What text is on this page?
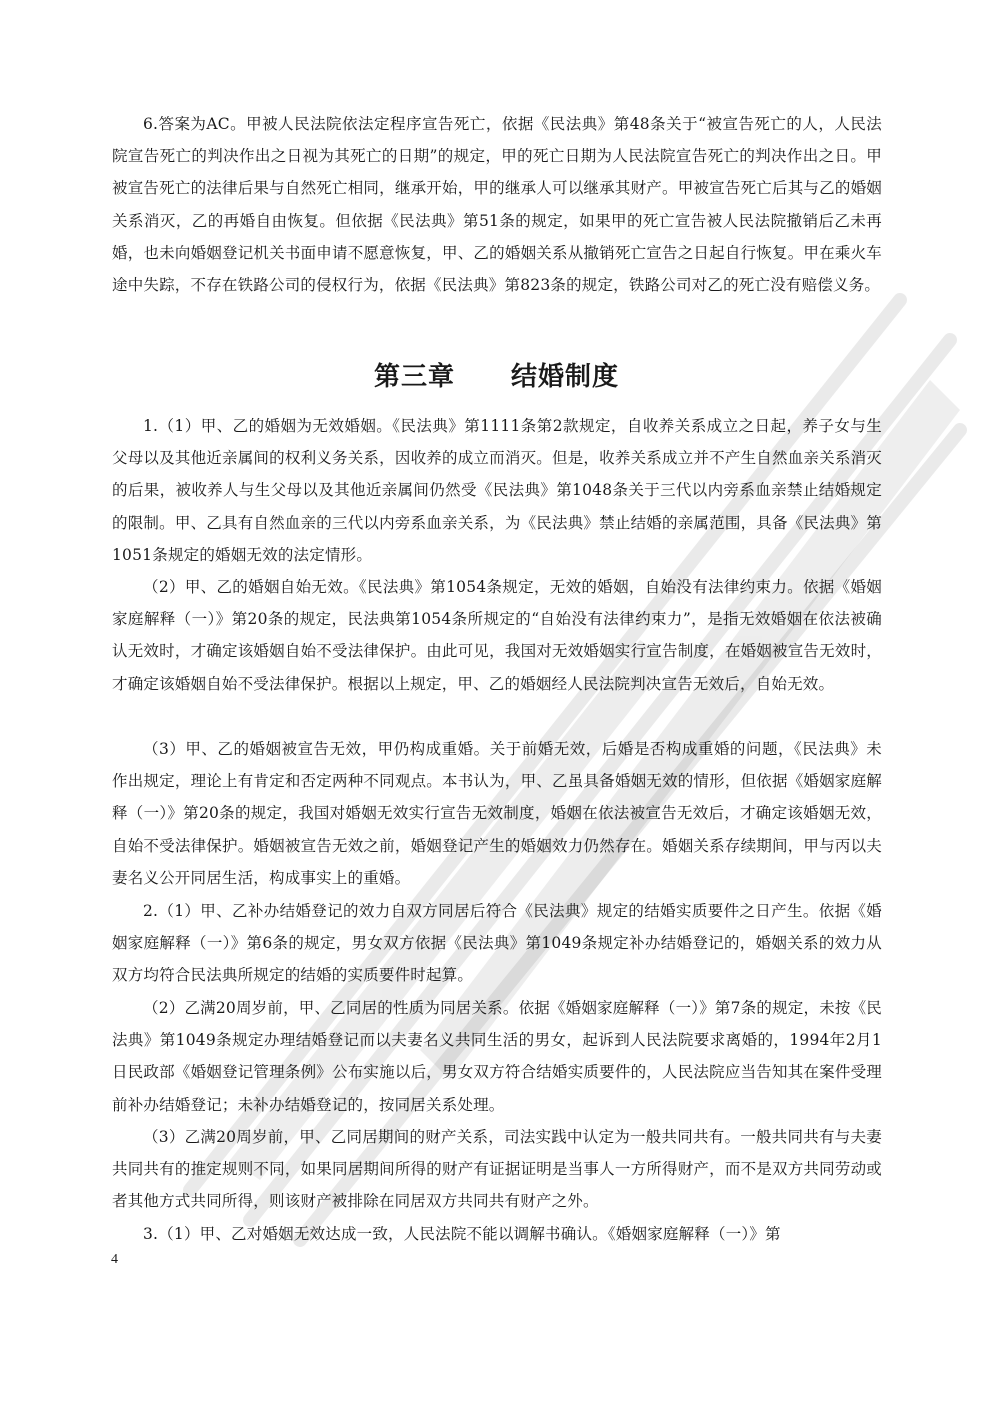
6.答案为AC。甲被人民法院依法定程序宣告死亡，依据《民法典》第48条关于“被宣告死亡的人，人民法院宣告死亡的判决作出之日视为其死亡的日期”的规定，甲的死亡日期为人民法院宣告死亡的判决作出之日。甲被宣告死亡的法律后果与自然死亡相同，继承开始，甲的继承人可以继承其财产。甲被宣告死亡后其与乙的婚姻关系消灭，乙的再婚自由恢复。但依据《民法典》第51条的规定，如果甲的死亡宣告被人民法院撤销后乙未再婚，也未向婚姻登记机关书面申请不愿意恢复，甲、乙的婚姻关系从撤销死亡宣告之日起自行恢复。甲在乘火车途中失踪，不存在铁路公司的侵权行为，依据《民法典》第823条的规定，铁路公司对乙的死亡没有赔偿义务。

第三章 结婚制度

1.（1）甲、乙的婚姻为无效婚姻。《民法典》第1111条第2款规定，自收养关系成立之日起，养子女与生父母以及其他近亲属间的权利义务关系，因收养的成立而消灭。但是，收养关系成立并不产生自然血亲关系消灭的后果，被收养人与生父母以及其他近亲属间仍然受《民法典》第1048条关于三代以内旁系血亲禁止结婚规定的限制。甲、乙具有自然血亲的三代以内旁系血亲关系，为《民法典》禁止结婚的亲属范围，具备《民法典》第1051条规定的婚姻无效的法定情形。

（2）甲、乙的婚姻自始无效。《民法典》第1054条规定，无效的婚姻，自始没有法律约束力。依据《婚姻家庭解释（一）》第20条的规定，民法典第1054条所规定的“自始没有法律约束力”，是指无效婚姻在依法被确认无效时，才确定该婚姻自始不受法律保护。由此可见，我国对无效婚姻实行宣告制度，在婚姻被宣告无效时，才确定该婚姻自始不受法律保护。根据以上规定，甲、乙的婚姻经人民法院判决宣告无效后，自始无效。

（3）甲、乙的婚姻被宣告无效，甲仍构成重婚。关于前婚无效，后婚是否构成重婚的问题，《民法典》未作出规定，理论上有肯定和否定两种不同观点。本书认为，甲、乙虽具备婚姻无效的情形，但依据《婚姻家庭解释（一）》第20条的规定，我国对婚姻无效实行宣告无效制度，婚姻在依法被宣告无效后，才确定该婚姻无效，自始不受法律保护。婚姻被宣告无效之前，婚姻登记产生的婚姻效力仍然存在。婚姻关系存续期间，甲与丙以夫妻名义公开同居生活，构成事实上的重婚。

2.（1）甲、乙补办结婚登记的效力自双方同居后符合《民法典》规定的结婚实质要件之日产生。依据《婚姻家庭解释（一）》第6条的规定，男女双方依据《民法典》第1049条规定补办结婚登记的，婚姻关系的效力从双方均符合民法典所规定的结婚的实质要件时起算。

（2）乙满20周岁前，甲、乙同居的性质为同居关系。依据《婚姻家庭解释（一）》第7条的规定，未按《民法典》第1049条规定办理结婚登记而以夫妻名义共同生活的男女，起诉到人民法院要求离婚的，1994年2月1日民政部《婚姻登记管理条例》公布实施以后，男女双方符合结婚实质要件的，人民法院应当告知其在案件受理前补办结婚登记；未补办结婚登记的，按同居关系处理。

（3）乙满20周岁前，甲、乙同居期间的财产关系，司法实践中认定为一般共同共有。一般共同共有与夫妻共同共有的推定规则不同，如果同居期间所得的财产有证据证明是当事人一方所得财产，而不是双方共同劳动或者其他方式共同所得，则该财产被排除在同居双方共同共有财产之外。

3.（1）甲、乙对婚姻无效达成一致，人民法院不能以调解书确认。《婚姻家庭解释（一）》第

4
